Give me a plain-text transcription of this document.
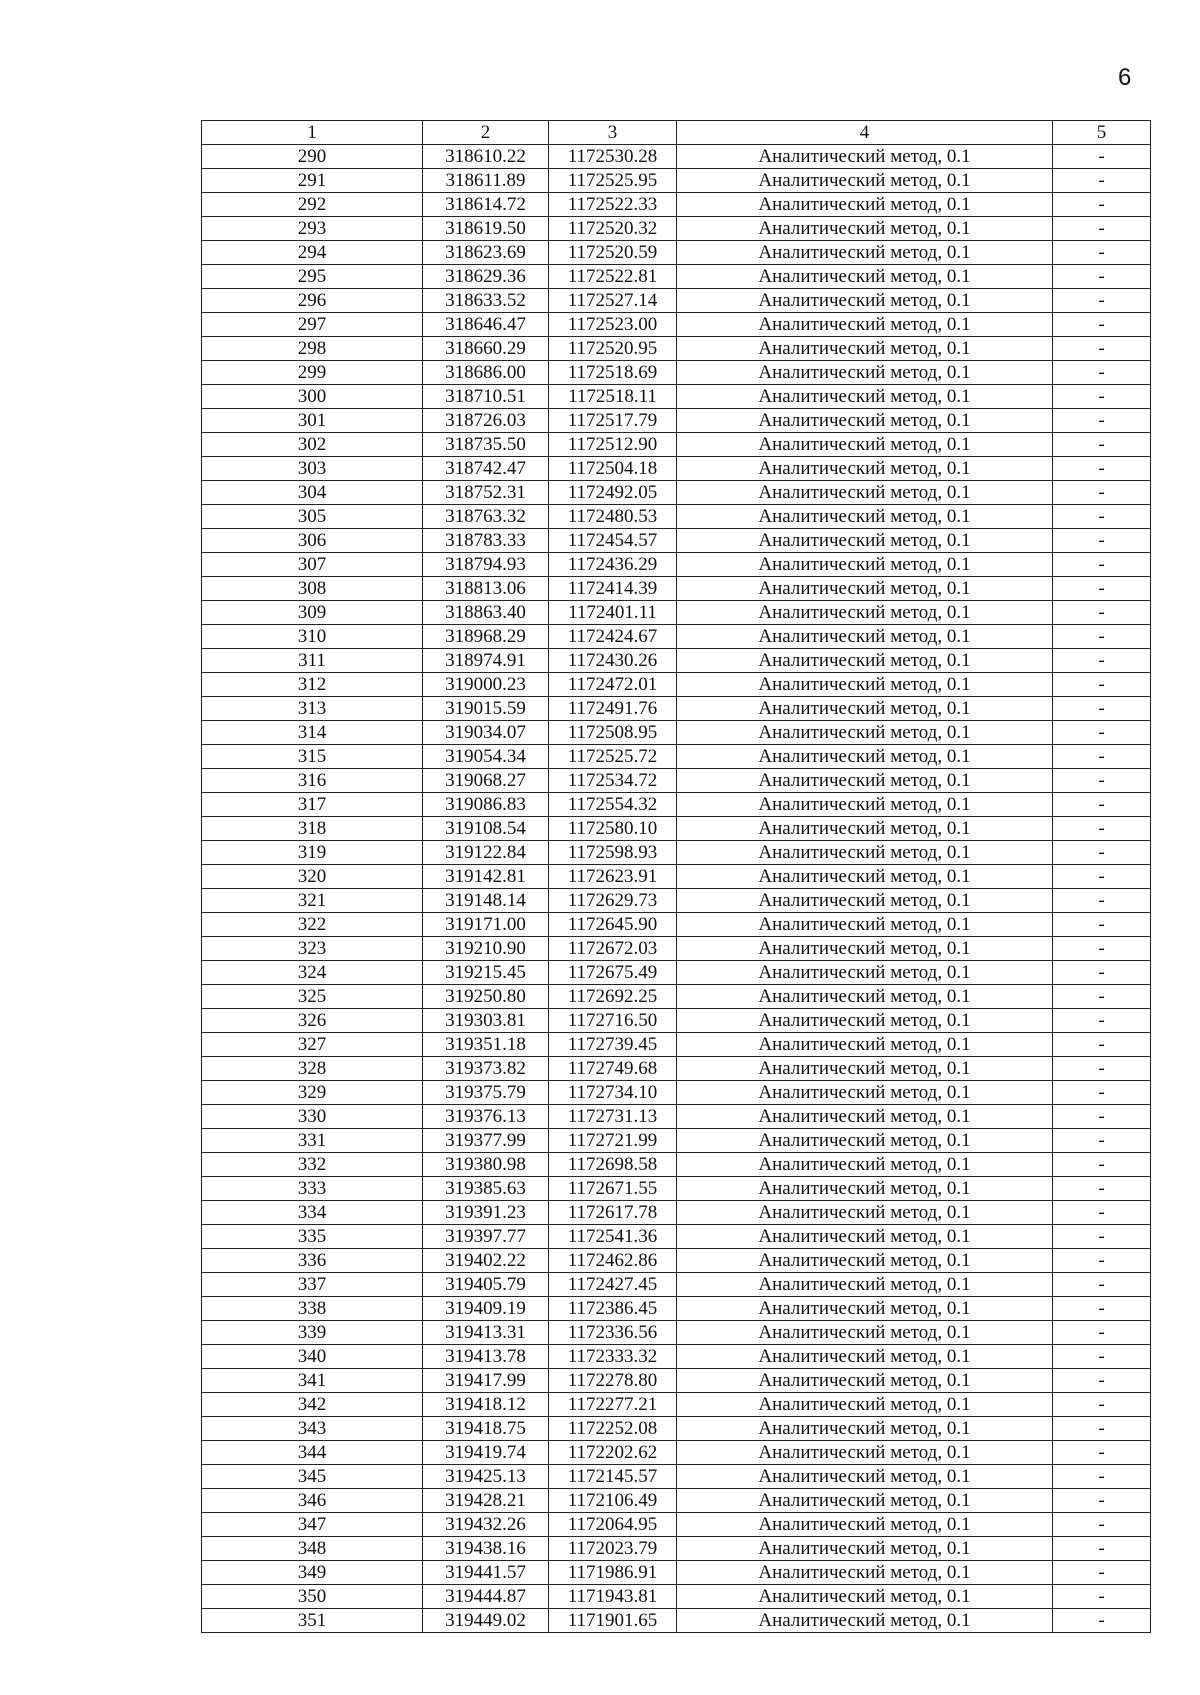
6
1	2	3	4	5
290	318610.22	1172530.28	Аналитический метод, 0.1	-
291	318611.89	1172525.95	Аналитический метод, 0.1	-
292	318614.72	1172522.33	Аналитический метод, 0.1	-
293	318619.50	1172520.32	Аналитический метод, 0.1	-
294	318623.69	1172520.59	Аналитический метод, 0.1	-
295	318629.36	1172522.81	Аналитический метод, 0.1	-
296	318633.52	1172527.14	Аналитический метод, 0.1	-
297	318646.47	1172523.00	Аналитический метод, 0.1	-
298	318660.29	1172520.95	Аналитический метод, 0.1	-
299	318686.00	1172518.69	Аналитический метод, 0.1	-
300	318710.51	1172518.11	Аналитический метод, 0.1	-
301	318726.03	1172517.79	Аналитический метод, 0.1	-
302	318735.50	1172512.90	Аналитический метод, 0.1	-
303	318742.47	1172504.18	Аналитический метод, 0.1	-
304	318752.31	1172492.05	Аналитический метод, 0.1	-
305	318763.32	1172480.53	Аналитический метод, 0.1	-
306	318783.33	1172454.57	Аналитический метод, 0.1	-
307	318794.93	1172436.29	Аналитический метод, 0.1	-
308	318813.06	1172414.39	Аналитический метод, 0.1	-
309	318863.40	1172401.11	Аналитический метод, 0.1	-
310	318968.29	1172424.67	Аналитический метод, 0.1	-
311	318974.91	1172430.26	Аналитический метод, 0.1	-
312	319000.23	1172472.01	Аналитический метод, 0.1	-
313	319015.59	1172491.76	Аналитический метод, 0.1	-
314	319034.07	1172508.95	Аналитический метод, 0.1	-
315	319054.34	1172525.72	Аналитический метод, 0.1	-
316	319068.27	1172534.72	Аналитический метод, 0.1	-
317	319086.83	1172554.32	Аналитический метод, 0.1	-
318	319108.54	1172580.10	Аналитический метод, 0.1	-
319	319122.84	1172598.93	Аналитический метод, 0.1	-
320	319142.81	1172623.91	Аналитический метод, 0.1	-
321	319148.14	1172629.73	Аналитический метод, 0.1	-
322	319171.00	1172645.90	Аналитический метод, 0.1	-
323	319210.90	1172672.03	Аналитический метод, 0.1	-
324	319215.45	1172675.49	Аналитический метод, 0.1	-
325	319250.80	1172692.25	Аналитический метод, 0.1	-
326	319303.81	1172716.50	Аналитический метод, 0.1	-
327	319351.18	1172739.45	Аналитический метод, 0.1	-
328	319373.82	1172749.68	Аналитический метод, 0.1	-
329	319375.79	1172734.10	Аналитический метод, 0.1	-
330	319376.13	1172731.13	Аналитический метод, 0.1	-
331	319377.99	1172721.99	Аналитический метод, 0.1	-
332	319380.98	1172698.58	Аналитический метод, 0.1	-
333	319385.63	1172671.55	Аналитический метод, 0.1	-
334	319391.23	1172617.78	Аналитический метод, 0.1	-
335	319397.77	1172541.36	Аналитический метод, 0.1	-
336	319402.22	1172462.86	Аналитический метод, 0.1	-
337	319405.79	1172427.45	Аналитический метод, 0.1	-
338	319409.19	1172386.45	Аналитический метод, 0.1	-
339	319413.31	1172336.56	Аналитический метод, 0.1	-
340	319413.78	1172333.32	Аналитический метод, 0.1	-
341	319417.99	1172278.80	Аналитический метод, 0.1	-
342	319418.12	1172277.21	Аналитический метод, 0.1	-
343	319418.75	1172252.08	Аналитический метод, 0.1	-
344	319419.74	1172202.62	Аналитический метод, 0.1	-
345	319425.13	1172145.57	Аналитический метод, 0.1	-
346	319428.21	1172106.49	Аналитический метод, 0.1	-
347	319432.26	1172064.95	Аналитический метод, 0.1	-
348	319438.16	1172023.79	Аналитический метод, 0.1	-
349	319441.57	1171986.91	Аналитический метод, 0.1	-
350	319444.87	1171943.81	Аналитический метод, 0.1	-
351	319449.02	1171901.65	Аналитический метод, 0.1	-
